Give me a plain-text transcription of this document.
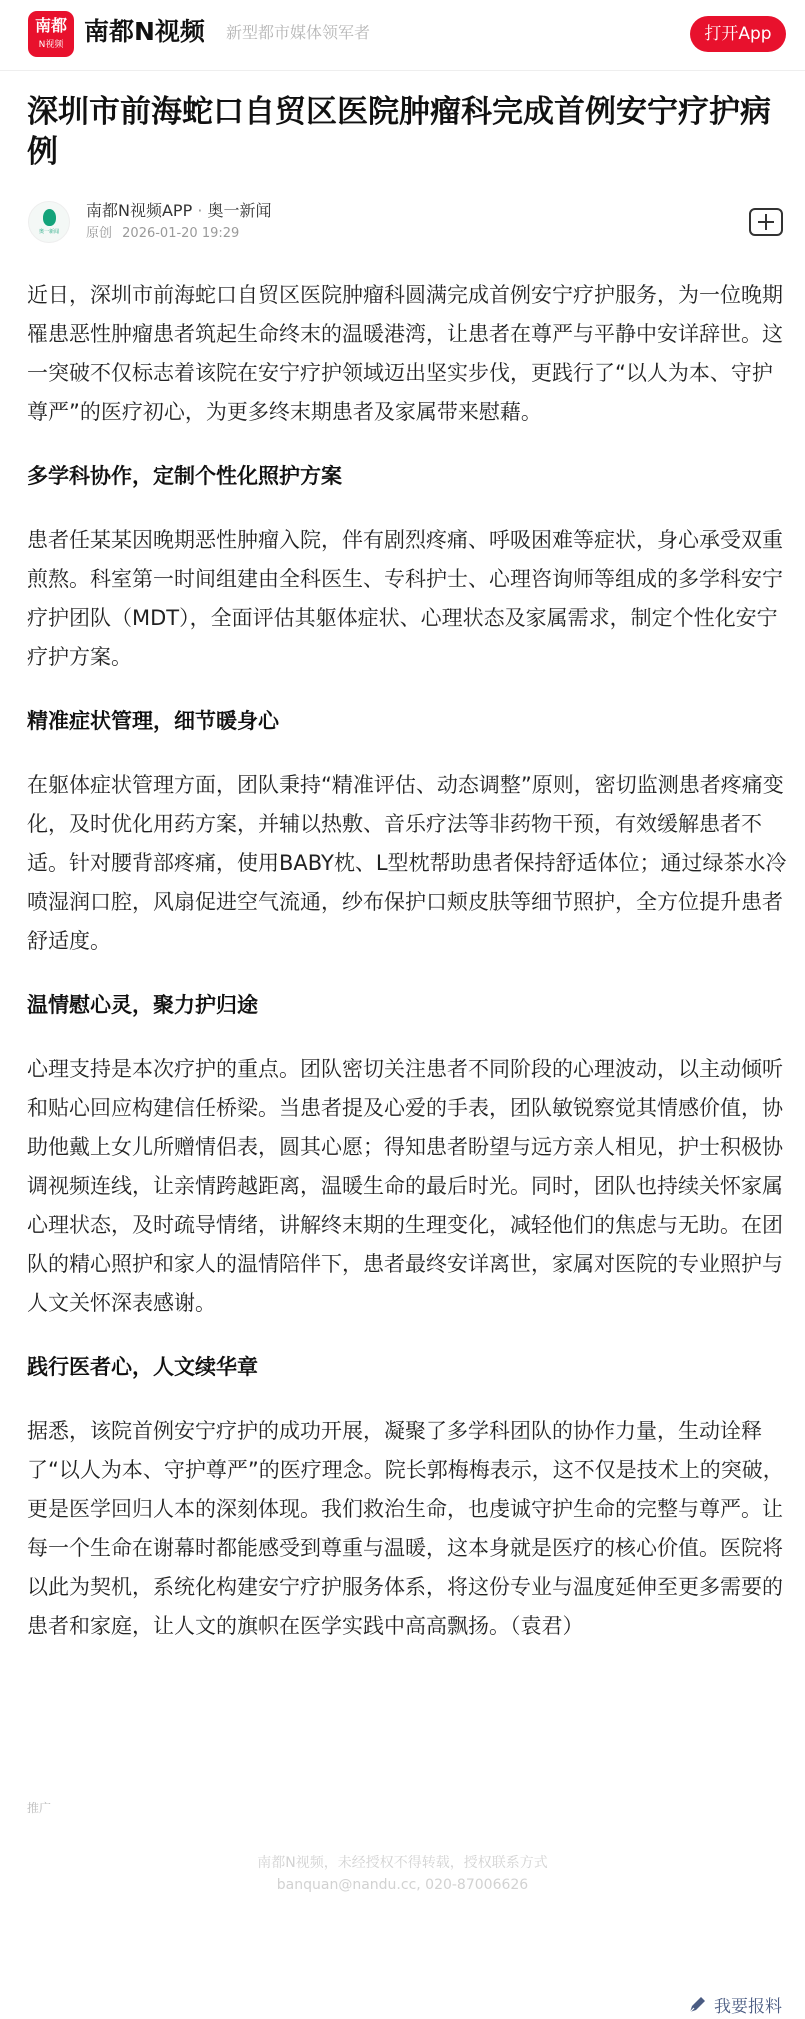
南都
N视频 南都N视频 新型都市媒体领军者	打开App
深圳市前海蛇口自贸区医院肿瘤科完成首例安宁疗护病例
奥一新闻
南都N视频APP · 奥一新闻
原创 2026-01-20 19:29

近日，深圳市前海蛇口自贸区医院肿瘤科圆满完成首例安宁疗护服务，为一位晚期罹患恶性肿瘤患者筑起生命终末的温暖港湾，让患者在尊严与平静中安详辞世。这一突破不仅标志着该院在安宁疗护领域迈出坚实步伐，更践行了“以人为本、守护尊严”的医疗初心，为更多终末期患者及家属带来慰藉。

多学科协作，定制个性化照护方案

患者任某某因晚期恶性肿瘤入院，伴有剧烈疼痛、呼吸困难等症状，身心承受双重煎熬。科室第一时间组建由全科医生、专科护士、心理咨询师等组成的多学科安宁疗护团队（MDT），全面评估其躯体症状、心理状态及家属需求，制定个性化安宁疗护方案。

精准症状管理，细节暖身心

在躯体症状管理方面，团队秉持“精准评估、动态调整”原则，密切监测患者疼痛变化，及时优化用药方案，并辅以热敷、音乐疗法等非药物干预，有效缓解患者不适。针对腰背部疼痛，使用BABY枕、L型枕帮助患者保持舒适体位；通过绿茶水冷喷湿润口腔，风扇促进空气流通，纱布保护口颊皮肤等细节照护，全方位提升患者舒适度。

温情慰心灵，聚力护归途

心理支持是本次疗护的重点。团队密切关注患者不同阶段的心理波动，以主动倾听和贴心回应构建信任桥梁。当患者提及心爱的手表，团队敏锐察觉其情感价值，协助他戴上女儿所赠情侣表，圆其心愿；得知患者盼望与远方亲人相见，护士积极协调视频连线，让亲情跨越距离，温暖生命的最后时光。同时，团队也持续关怀家属心理状态，及时疏导情绪，讲解终末期的生理变化，减轻他们的焦虑与无助。在团队的精心照护和家人的温情陪伴下，患者最终安详离世，家属对医院的专业照护与人文关怀深表感谢。

践行医者心，人文续华章

据悉，该院首例安宁疗护的成功开展，凝聚了多学科团队的协作力量，生动诠释了“以人为本、守护尊严”的医疗理念。院长郭梅梅表示，这不仅是技术上的突破，更是医学回归人本的深刻体现。我们救治生命，也虔诚守护生命的完整与尊严。让每一个生命在谢幕时都能感受到尊重与温暖，这本身就是医疗的核心价值。医院将以此为契机，系统化构建安宁疗护服务体系，将这份专业与温度延伸至更多需要的患者和家庭，让人文的旗帜在医学实践中高高飘扬。（袁君）

推广
南都N视频，未经授权不得转载，授权联系方式
banquan@nandu.cc, 020-87006626
我要报料
